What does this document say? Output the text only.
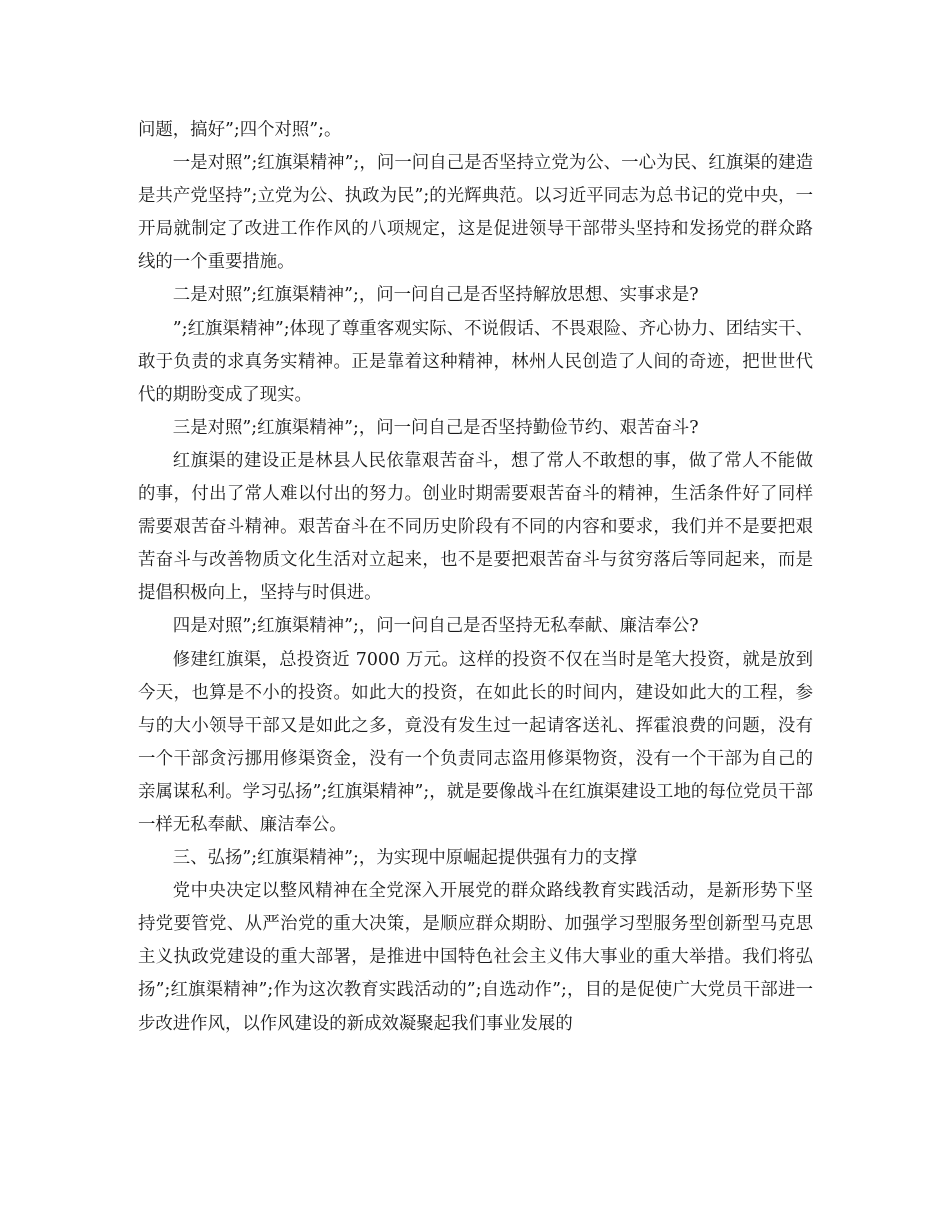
问题，搞好”;四个对照”;。

一是对照”;红旗渠精神”;，问一问自己是否坚持立党为公、一心为民、红旗渠的建造是共产党坚持”;立党为公、执政为民”;的光辉典范。以习近平同志为总书记的党中央，一开局就制定了改进工作作风的八项规定，这是促进领导干部带头坚持和发扬党的群众路线的一个重要措施。

二是对照”;红旗渠精神”;，问一问自己是否坚持解放思想、实事求是?

”;红旗渠精神”;体现了尊重客观实际、不说假话、不畏艰险、齐心协力、团结实干、敢于负责的求真务实精神。正是靠着这种精神，林州人民创造了人间的奇迹，把世世代代的期盼变成了现实。

三是对照”;红旗渠精神”;，问一问自己是否坚持勤俭节约、艰苦奋斗?

红旗渠的建设正是林县人民依靠艰苦奋斗，想了常人不敢想的事，做了常人不能做的事，付出了常人难以付出的努力。创业时期需要艰苦奋斗的精神，生活条件好了同样需要艰苦奋斗精神。艰苦奋斗在不同历史阶段有不同的内容和要求，我们并不是要把艰苦奋斗与改善物质文化生活对立起来，也不是要把艰苦奋斗与贫穷落后等同起来，而是提倡积极向上，坚持与时俱进。

四是对照”;红旗渠精神”;，问一问自己是否坚持无私奉献、廉洁奉公?

修建红旗渠，总投资近 7000 万元。这样的投资不仅在当时是笔大投资，就是放到今天，也算是不小的投资。如此大的投资，在如此长的时间内，建设如此大的工程，参与的大小领导干部又是如此之多，竟没有发生过一起请客送礼、挥霍浪费的问题，没有一个干部贪污挪用修渠资金，没有一个负责同志盗用修渠物资，没有一个干部为自己的亲属谋私利。学习弘扬”;红旗渠精神”;，就是要像战斗在红旗渠建设工地的每位党员干部一样无私奉献、廉洁奉公。

三、弘扬”;红旗渠精神”;，为实现中原崛起提供强有力的支撑

党中央决定以整风精神在全党深入开展党的群众路线教育实践活动，是新形势下坚持党要管党、从严治党的重大决策，是顺应群众期盼、加强学习型服务型创新型马克思主义执政党建设的重大部署，是推进中国特色社会主义伟大事业的重大举措。我们将弘扬”;红旗渠精神”;作为这次教育实践活动的”;自选动作”;，目的是促使广大党员干部进一步改进作风，以作风建设的新成效凝聚起我们事业发展的
